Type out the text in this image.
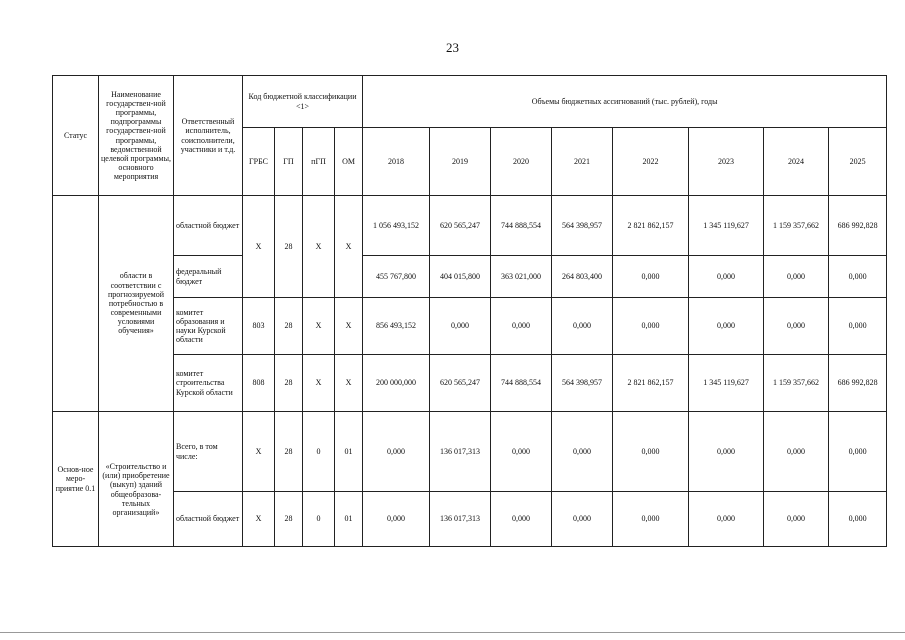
23
Статус	Наименование государствен-ной программы, подпрограммы государствен-ной программы, ведомственной целевой программы, основного мероприятия	Ответственный исполнитель, соисполнители, участники и т.д.	Код бюджетной классификации <1>				Объемы бюджетных ассигнований (тыс. рублей), годы							
			ГРБС	ГП	пГП	ОМ	2018	2019	2020	2021	2022	2023	2024	2025
	области в соответствии с прогнозируемой потребностью в современными условиями обучения»	областной бюджет	Х	28	Х	Х	1 056 493,152	620 565,247	744 888,554	564 398,957	2 821 862,157	1 345 119,627	1 159 357,662	686 992,828
		федеральный бюджет					455 767,800	404 015,800	363 021,000	264 803,400	0,000	0,000	0,000	0,000
		комитет образования и науки Курской области	803	28	Х	Х	856 493,152	0,000	0,000	0,000	0,000	0,000	0,000	0,000
		комитет строительства Курской области	808	28	Х	Х	200 000,000	620 565,247	744 888,554	564 398,957	2 821 862,157	1 345 119,627	1 159 357,662	686 992,828
Основ-ное меро-приятие 0.1	«Строительство и (или) приобретение (выкуп) зданий общеобразова-тельных организаций»	Всего, в том числе:	Х	28	0	01	0,000	136 017,313	0,000	0,000	0,000	0,000	0,000	0,000
		областной бюджет	Х	28	0	01	0,000	136 017,313	0,000	0,000	0,000	0,000	0,000	0,000
